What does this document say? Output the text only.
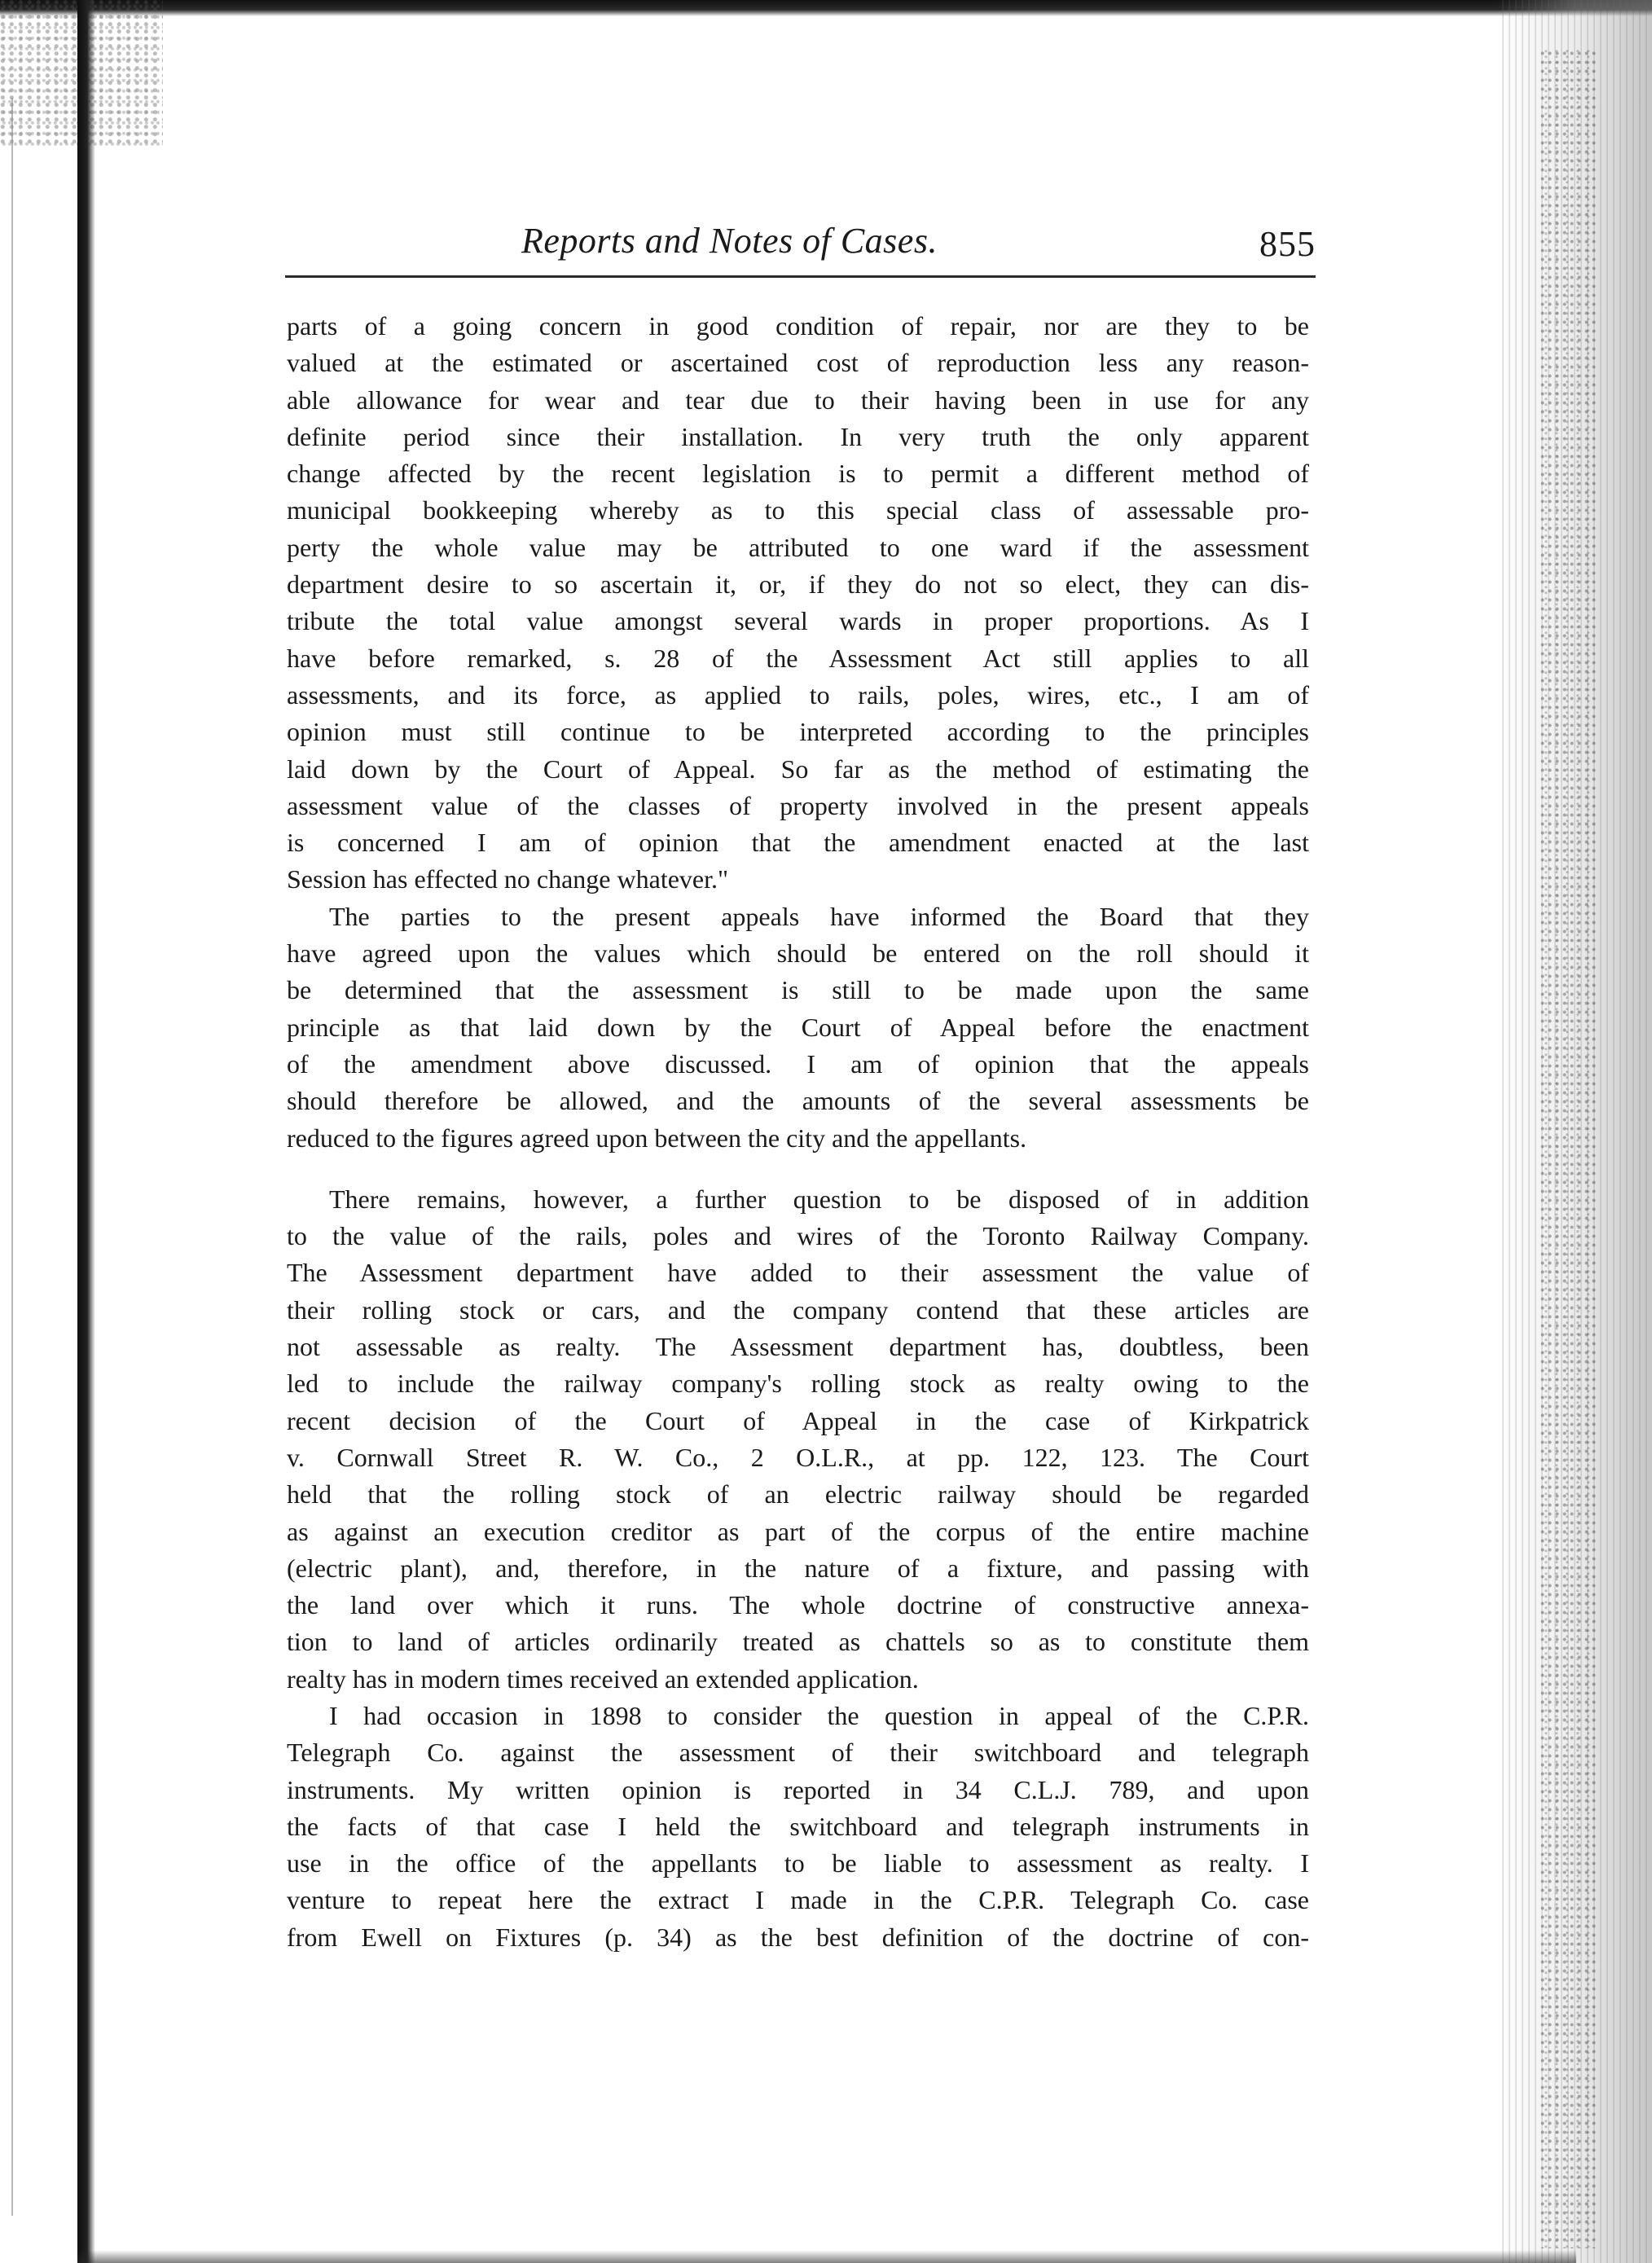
Reports and Notes of Cases.	855
parts of a going concern in good condition of repair, nor are they to be
valued at the estimated or ascertained cost of reproduction less any reason-
able allowance for wear and tear due to their having been in use for any
definite period since their installation. In very truth the only apparent
change affected by the recent legislation is to permit a different method of
municipal bookkeeping whereby as to this special class of assessable pro-
perty the whole value may be attributed to one ward if the assessment
department desire to so ascertain it, or, if they do not so elect, they can dis-
tribute the total value amongst several wards in proper proportions. As I
have before remarked, s. 28 of the Assessment Act still applies to all
assessments, and its force, as applied to rails, poles, wires, etc., I am of
opinion must still continue to be interpreted according to the principles
laid down by the Court of Appeal. So far as the method of estimating the
assessment value of the classes of property involved in the present appeals
is concerned I am of opinion that the amendment enacted at the last
Session has effected no change whatever."
The parties to the present appeals have informed the Board that they
have agreed upon the values which should be entered on the roll should it
be determined that the assessment is still to be made upon the same
principle as that laid down by the Court of Appeal before the enactment
of the amendment above discussed. I am of opinion that the appeals
should therefore be allowed, and the amounts of the several assessments be
reduced to the figures agreed upon between the city and the appellants.
There remains, however, a further question to be disposed of in addition
to the value of the rails, poles and wires of the Toronto Railway Company.
The Assessment department have added to their assessment the value of
their rolling stock or cars, and the company contend that these articles are
not assessable as realty. The Assessment department has, doubtless, been
led to include the railway company's rolling stock as realty owing to the
recent decision of the Court of Appeal in the case of Kirkpatrick
v. Cornwall Street R. W. Co., 2 O.L.R., at pp. 122, 123. The Court
held that the rolling stock of an electric railway should be regarded
as against an execution creditor as part of the corpus of the entire machine
(electric plant), and, therefore, in the nature of a fixture, and passing with
the land over which it runs. The whole doctrine of constructive annexa-
tion to land of articles ordinarily treated as chattels so as to constitute them
realty has in modern times received an extended application.
I had occasion in 1898 to consider the question in appeal of the C.P.R.
Telegraph Co. against the assessment of their switchboard and telegraph
instruments. My written opinion is reported in 34 C.L.J. 789, and upon
the facts of that case I held the switchboard and telegraph instruments in
use in the office of the appellants to be liable to assessment as realty. I
venture to repeat here the extract I made in the C.P.R. Telegraph Co. case
from Ewell on Fixtures (p. 34) as the best definition of the doctrine of con-
